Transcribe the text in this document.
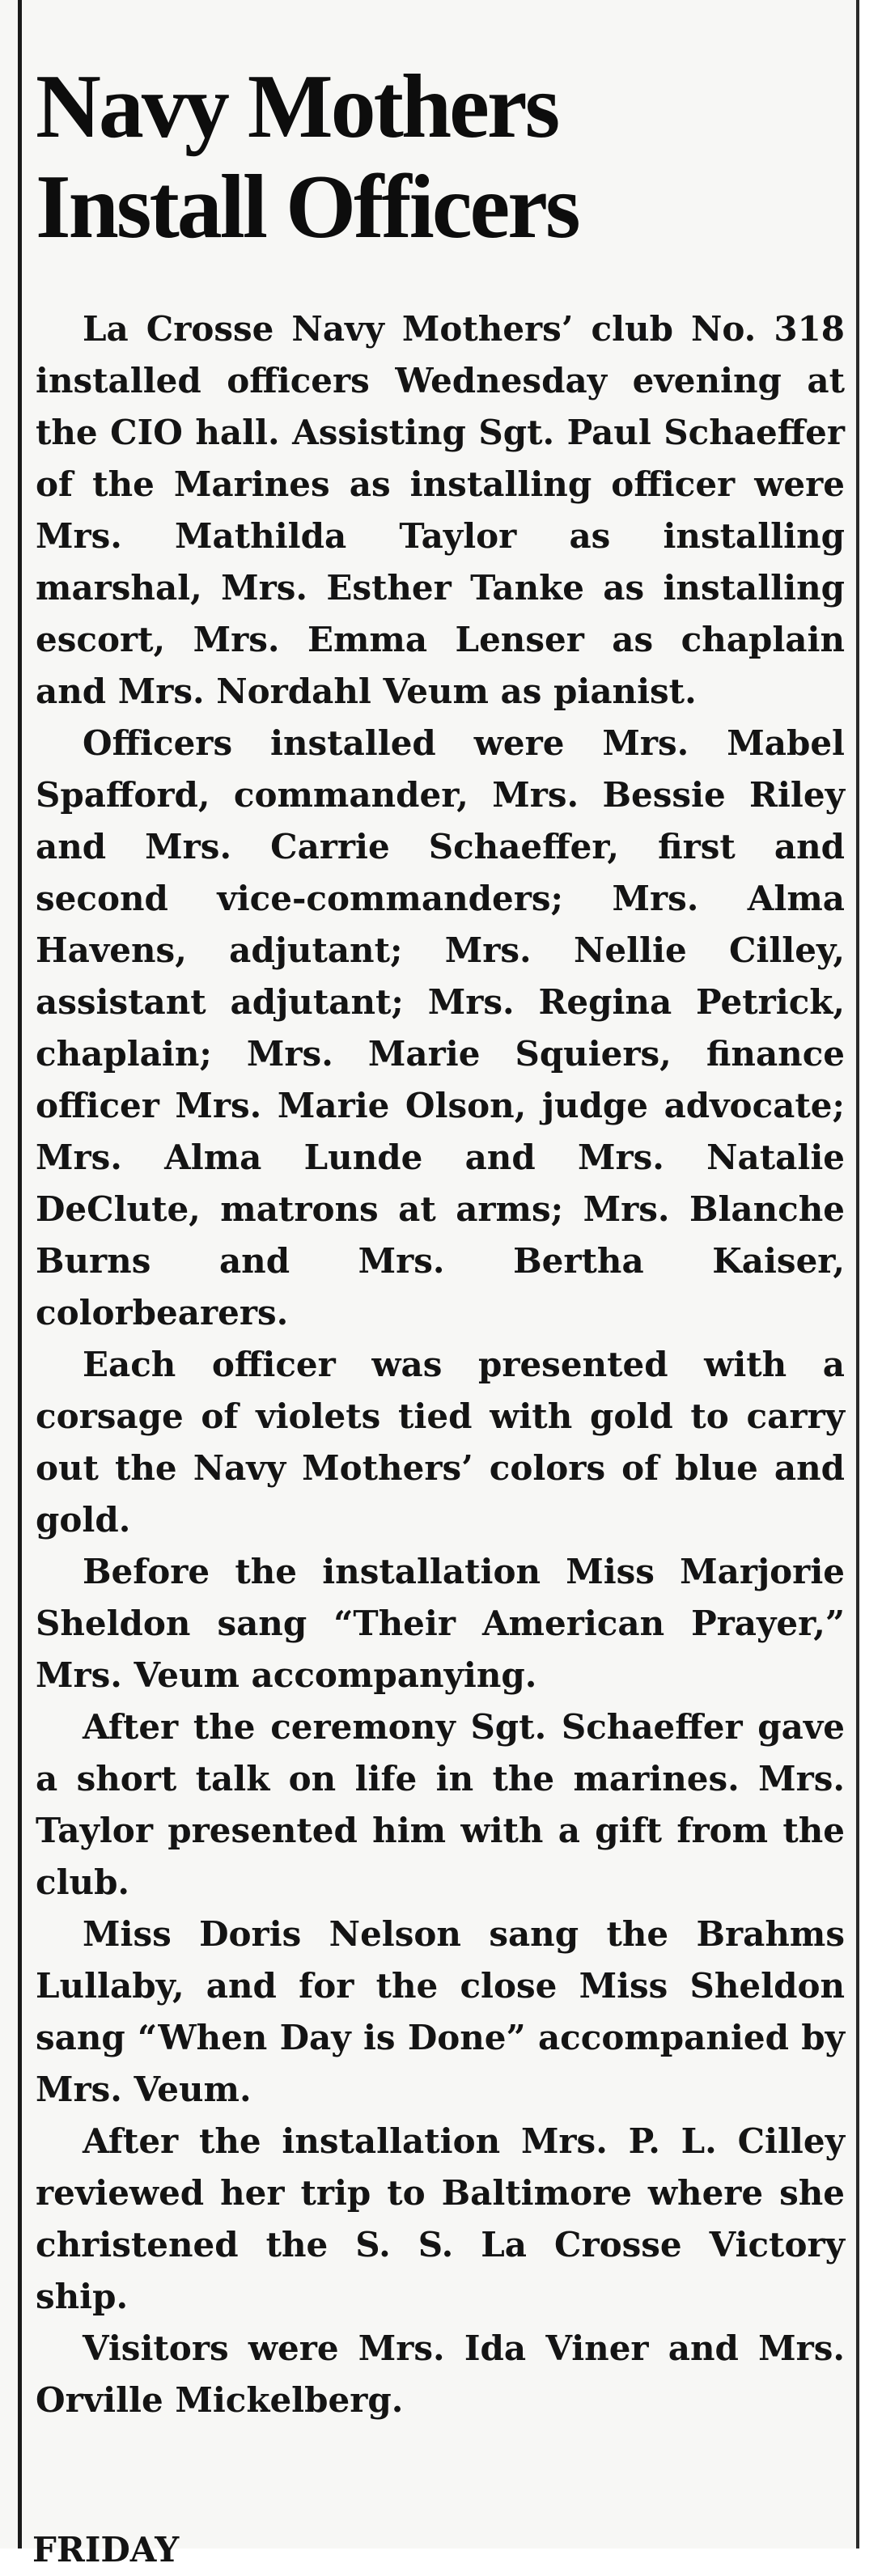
Navy Mothers
Install Officers

La Crosse Navy Mothers’ club No. 318 installed officers Wednesday evening at the CIO hall. Assisting Sgt. Paul Schaeffer of the Marines as installing officer were Mrs. Mathilda Taylor as installing marshal, Mrs. Esther Tanke as installing escort, Mrs. Emma Lenser as chaplain and Mrs. Nordahl Veum as pianist.

Officers installed were Mrs. Mabel Spafford, commander, Mrs. Bessie Riley and Mrs. Carrie Schaeffer, first and second vice-commanders; Mrs. Alma Havens, adjutant; Mrs. Nellie Cilley, assistant adjutant; Mrs. Regina Petrick, chaplain; Mrs. Marie Squiers, finance officer Mrs. Marie Olson, judge advocate; Mrs. Alma Lunde and Mrs. Natalie DeClute, matrons at arms; Mrs. Blanche Burns and Mrs. Bertha Kaiser, colorbearers.

Each officer was presented with a corsage of violets tied with gold to carry out the Navy Mothers’ colors of blue and gold.

Before the installation Miss Marjorie Sheldon sang “Their American Prayer,” Mrs. Veum accompanying.

After the ceremony Sgt. Schaeffer gave a short talk on life in the marines. Mrs. Taylor presented him with a gift from the club.

Miss Doris Nelson sang the Brahms Lullaby, and for the close Miss Sheldon sang “When Day is Done” accompanied by Mrs. Veum.

After the installation Mrs. P. L. Cilley reviewed her trip to Baltimore where she christened the S. S. La Crosse Victory ship.

Visitors were Mrs. Ida Viner and Mrs. Orville Mickelberg.

FRIDAY
